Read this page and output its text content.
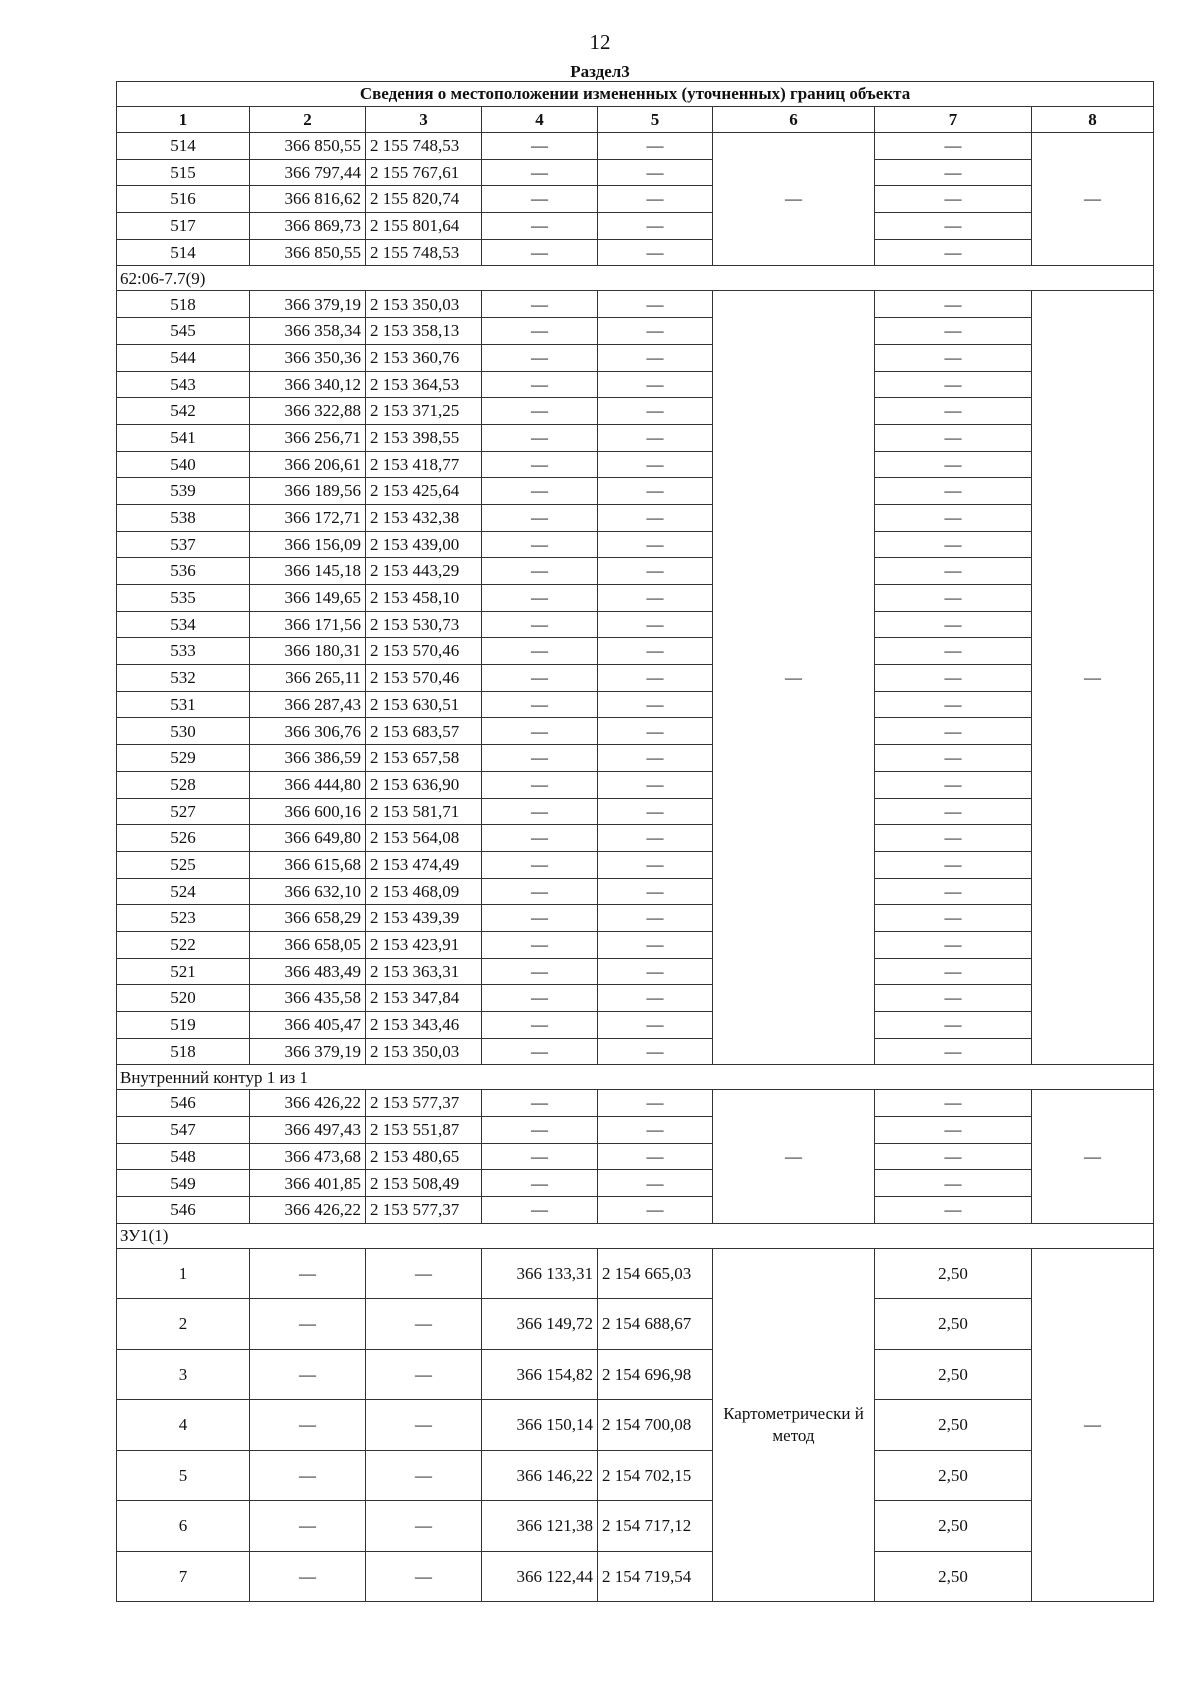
12
Раздел3
Сведения о местоположении измененных (уточненных) границ объекта							
1	2	3	4	5	6	7	8
514	366 850,55	2 155 748,53	—	—	—	—	—
515	366 797,44	2 155 767,61	—	—		—	
516	366 816,62	2 155 820,74	—	—		—	
517	366 869,73	2 155 801,64	—	—		—	
514	366 850,55	2 155 748,53	—	—		—	
62:06-7.7(9)							
518	366 379,19	2 153 350,03	—	—	—	—	—
545	366 358,34	2 153 358,13	—	—		—	
544	366 350,36	2 153 360,76	—	—		—	
543	366 340,12	2 153 364,53	—	—		—	
542	366 322,88	2 153 371,25	—	—		—	
541	366 256,71	2 153 398,55	—	—		—	
540	366 206,61	2 153 418,77	—	—		—	
539	366 189,56	2 153 425,64	—	—		—	
538	366 172,71	2 153 432,38	—	—		—	
537	366 156,09	2 153 439,00	—	—		—	
536	366 145,18	2 153 443,29	—	—		—	
535	366 149,65	2 153 458,10	—	—		—	
534	366 171,56	2 153 530,73	—	—		—	
533	366 180,31	2 153 570,46	—	—		—	
532	366 265,11	2 153 570,46	—	—		—	
531	366 287,43	2 153 630,51	—	—		—	
530	366 306,76	2 153 683,57	—	—		—	
529	366 386,59	2 153 657,58	—	—		—	
528	366 444,80	2 153 636,90	—	—		—	
527	366 600,16	2 153 581,71	—	—		—	
526	366 649,80	2 153 564,08	—	—		—	
525	366 615,68	2 153 474,49	—	—		—	
524	366 632,10	2 153 468,09	—	—		—	
523	366 658,29	2 153 439,39	—	—		—	
522	366 658,05	2 153 423,91	—	—		—	
521	366 483,49	2 153 363,31	—	—		—	
520	366 435,58	2 153 347,84	—	—		—	
519	366 405,47	2 153 343,46	—	—		—	
518	366 379,19	2 153 350,03	—	—		—	
Внутренний контур 1 из 1							
546	366 426,22	2 153 577,37	—	—	—	—	—
547	366 497,43	2 153 551,87	—	—		—	
548	366 473,68	2 153 480,65	—	—		—	
549	366 401,85	2 153 508,49	—	—		—	
546	366 426,22	2 153 577,37	—	—		—	
ЗУ1(1)							
1	—	—	366 133,31	2 154 665,03	Картометрически й метод	2,50	—
2	—	—	366 149,72	2 154 688,67		2,50	
3	—	—	366 154,82	2 154 696,98		2,50	
4	—	—	366 150,14	2 154 700,08		2,50	
5	—	—	366 146,22	2 154 702,15		2,50	
6	—	—	366 121,38	2 154 717,12		2,50	
7	—	—	366 122,44	2 154 719,54		2,50	
